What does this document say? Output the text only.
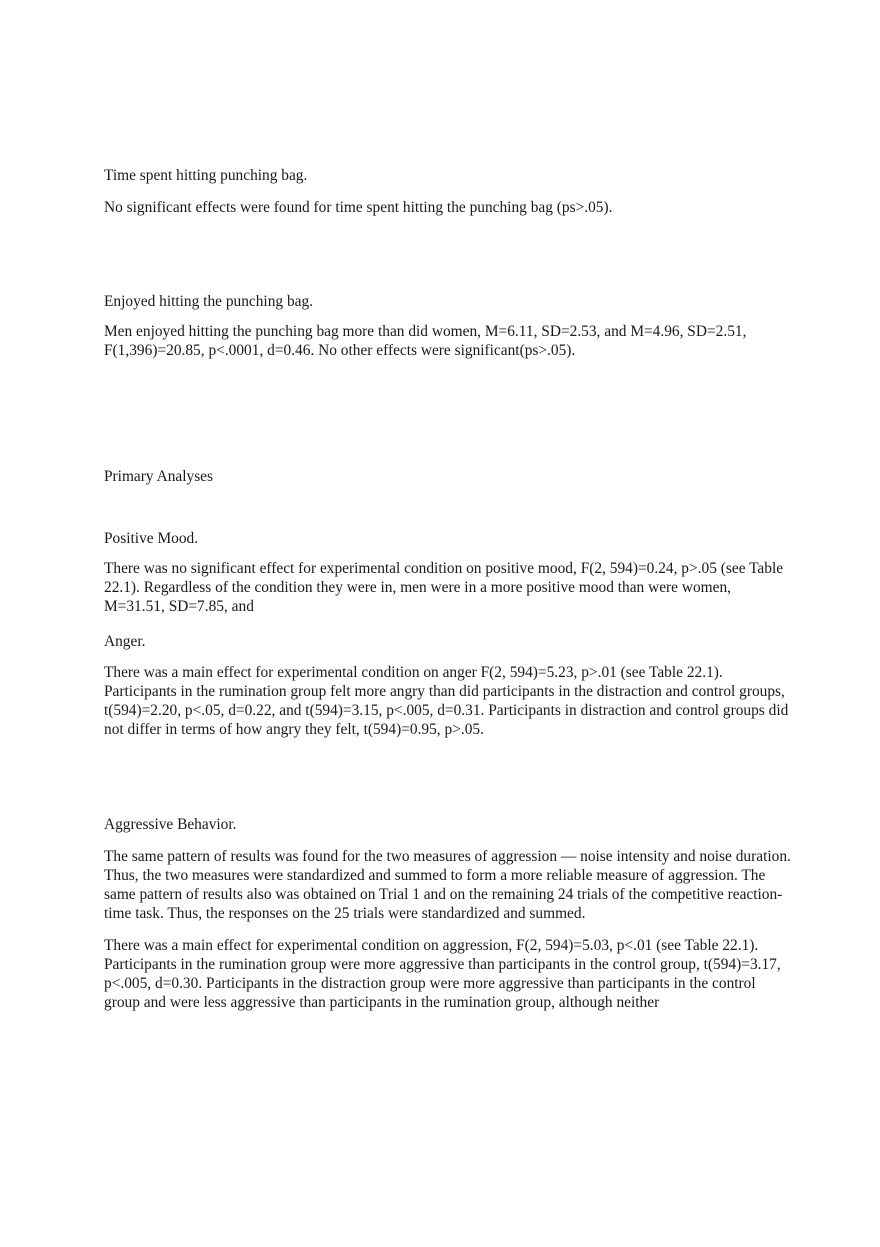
Time spent hitting punching bag.

No significant effects were found for time spent hitting the punching bag (ps>.05).

Enjoyed hitting the punching bag.

Men enjoyed hitting the punching bag more than did women, M=6.11, SD=2.53, and M=4.96, SD=2.51, F(1,396)=20.85, p<.0001, d=0.46. No other effects were significant(ps>.05).

Primary Analyses

Positive Mood.

There was no significant effect for experimental condition on positive mood, F(2, 594)=0.24, p>.05 (see Table 22.1). Regardless of the condition they were in, men were in a more positive mood than were women, M=31.51, SD=7.85, and

Anger.

There was a main effect for experimental condition on anger F(2, 594)=5.23, p>.01 (see Table 22.1). Participants in the rumination group felt more angry than did participants in the distraction and control groups, t(594)=2.20, p<.05, d=0.22, and t(594)=3.15, p<.005, d=0.31. Participants in distraction and control groups did not differ in terms of how angry they felt, t(594)=0.95, p>.05.

Aggressive Behavior.

The same pattern of results was found for the two measures of aggression — noise intensity and noise duration. Thus, the two measures were standardized and summed to form a more reliable measure of aggression. The same pattern of results also was obtained on Trial 1 and on the remaining 24 trials of the competitive reaction-time task. Thus, the responses on the 25 trials were standardized and summed.

There was a main effect for experimental condition on aggression, F(2, 594)=5.03, p<.01 (see Table 22.1). Participants in the rumination group were more aggressive than participants in the control group, t(594)=3.17, p<.005, d=0.30. Participants in the distraction group were more aggressive than participants in the control group and were less aggressive than participants in the rumination group, although neither
